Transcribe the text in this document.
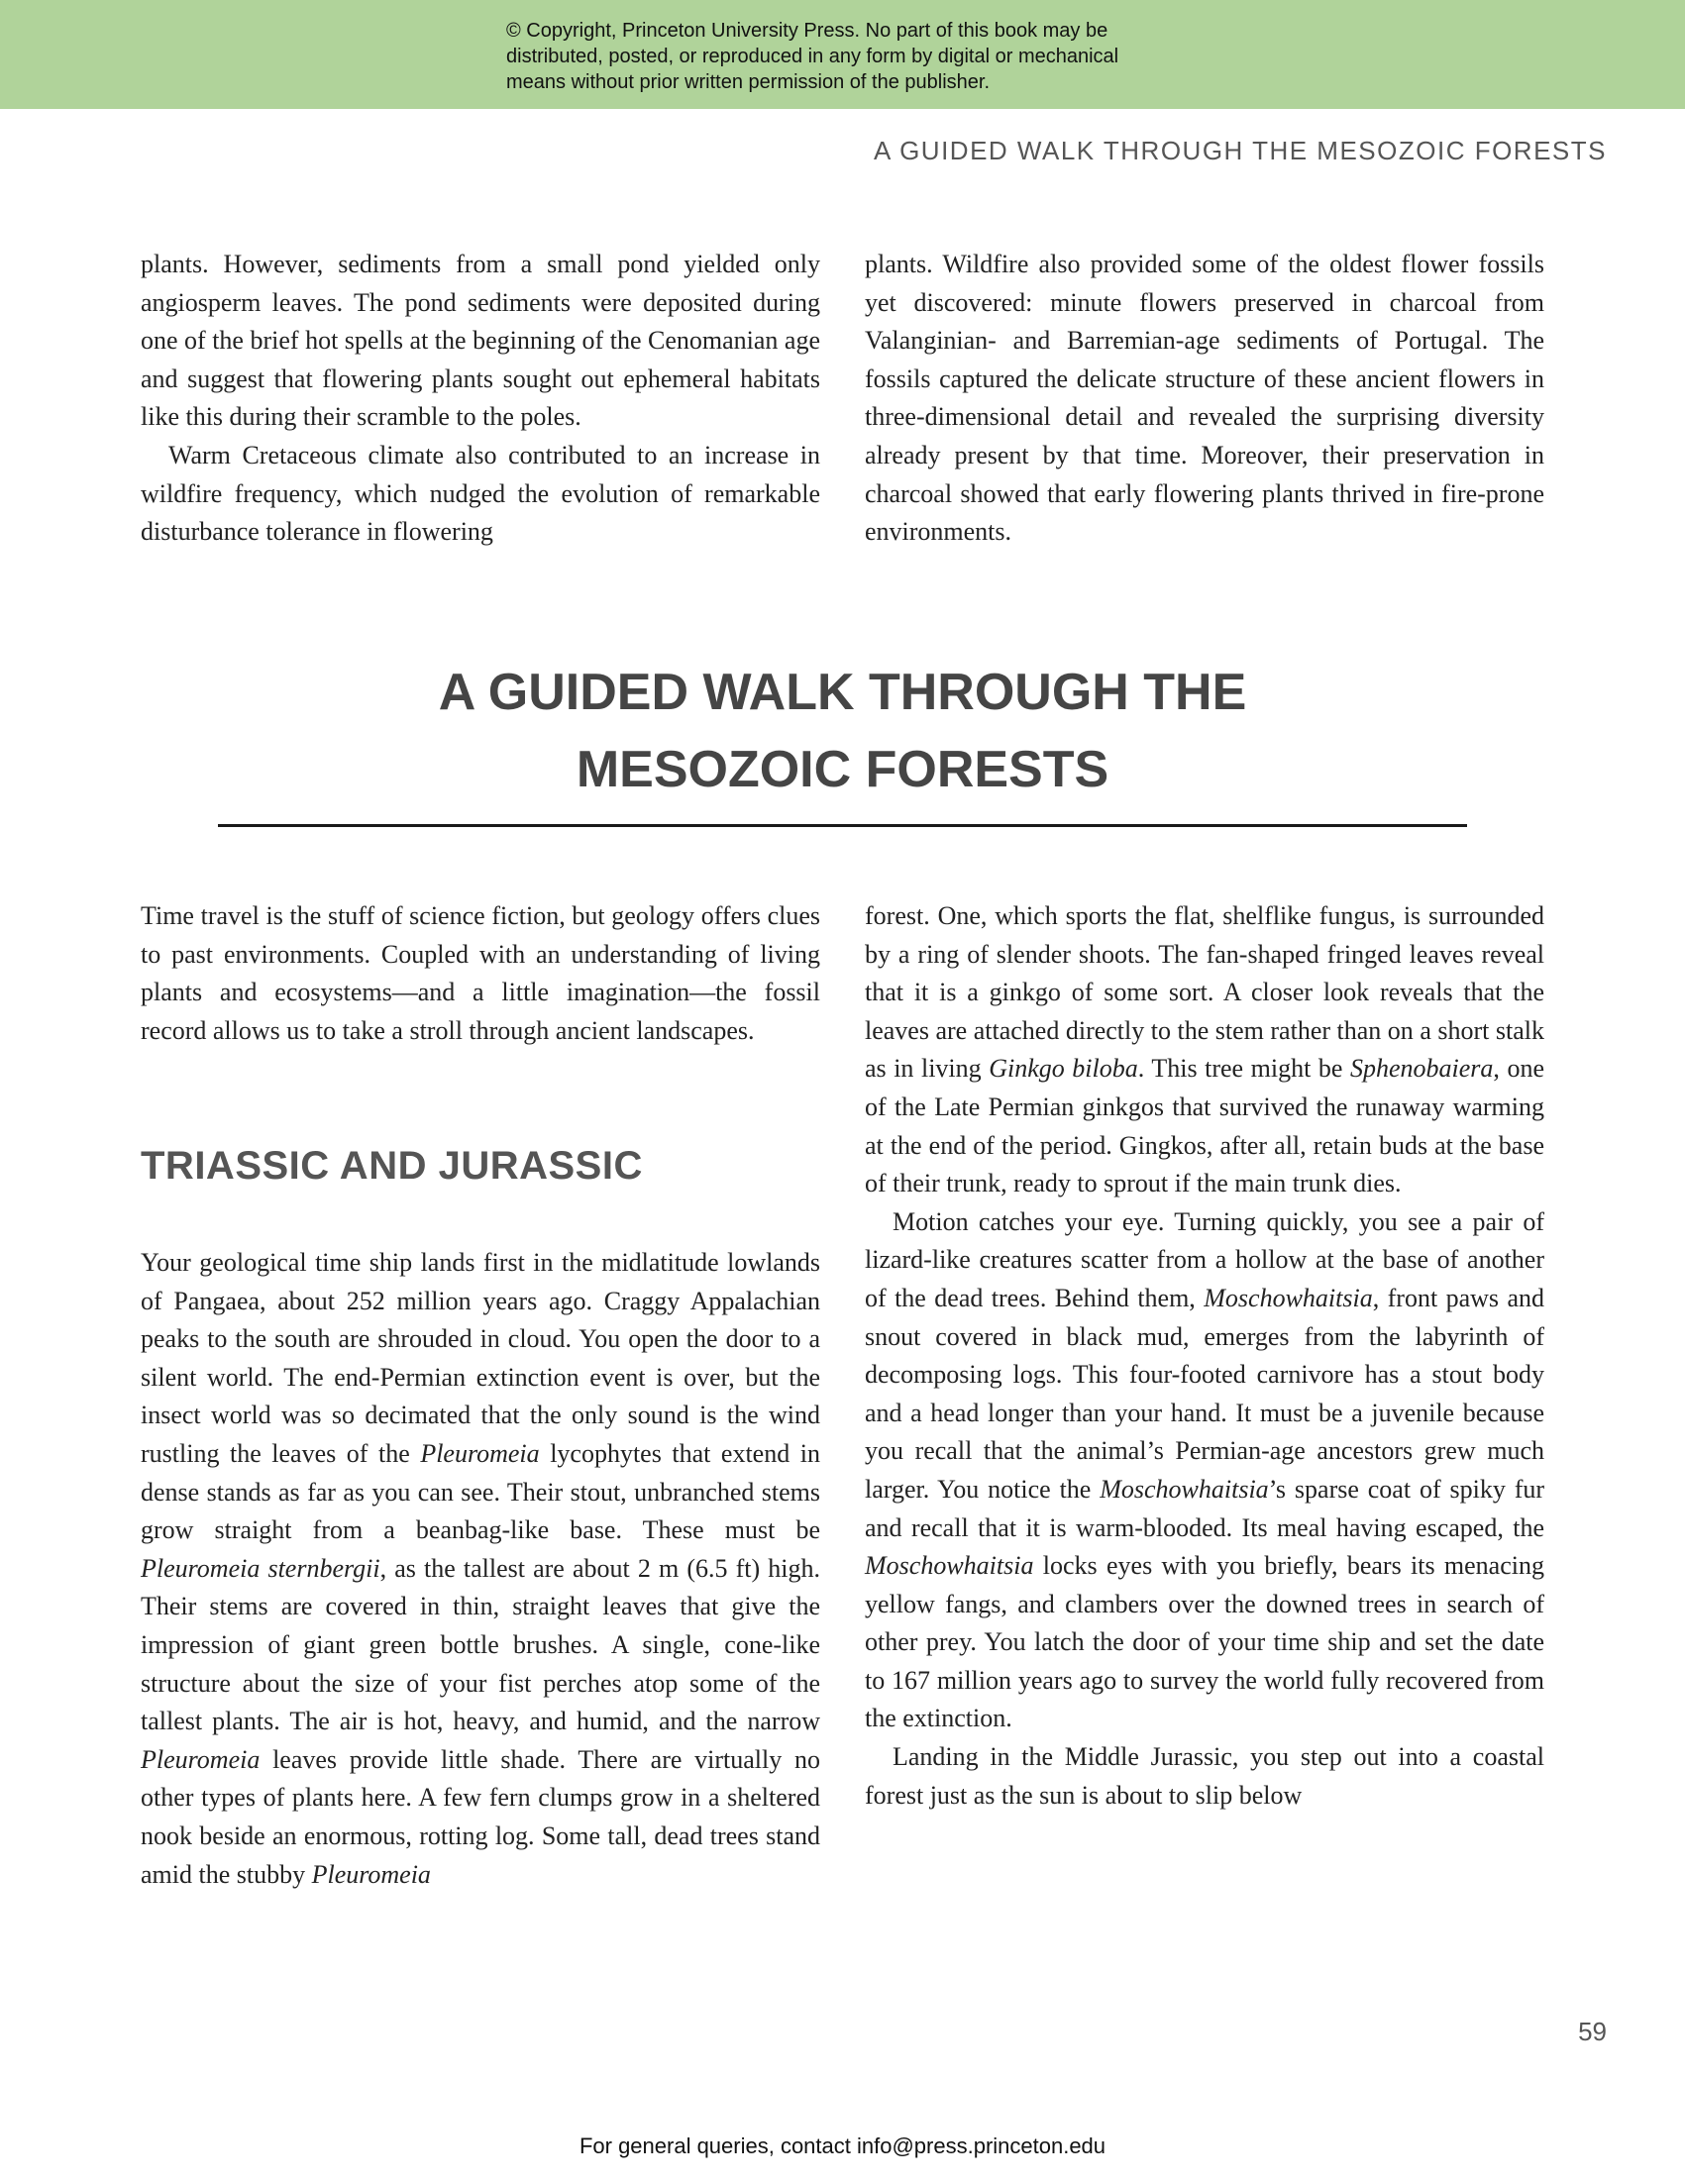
© Copyright, Princeton University Press. No part of this book may be
distributed, posted, or reproduced in any form by digital or mechanical
means without prior written permission of the publisher.
A GUIDED WALK THROUGH THE MESOZOIC FORESTS

plants. However, sediments from a small pond yielded only angiosperm leaves. The pond sediments were deposited during one of the brief hot spells at the beginning of the Cenomanian age and suggest that flowering plants sought out ephemeral habitats like this during their scramble to the poles.

Warm Cretaceous climate also contributed to an increase in wildfire frequency, which nudged the evolution of remarkable disturbance tolerance in flowering

plants. Wildfire also provided some of the oldest flower fossils yet discovered: minute flowers preserved in charcoal from Valanginian- and Barremian-age sediments of Portugal. The fossils captured the delicate structure of these ancient flowers in three-dimensional detail and revealed the surprising diversity already present by that time. Moreover, their preservation in charcoal showed that early flowering plants thrived in fire-prone environments.

A GUIDED WALK THROUGH THE
MESOZOIC FORESTS

Time travel is the stuff of science fiction, but geology offers clues to past environments. Coupled with an understanding of living plants and ecosystems—and a little imagination—the fossil record allows us to take a stroll through ancient landscapes.

TRIASSIC AND JURASSIC

Your geological time ship lands first in the midlatitude lowlands of Pangaea, about 252 million years ago. Craggy Appalachian peaks to the south are shrouded in cloud. You open the door to a silent world. The end-Permian extinction event is over, but the insect world was so decimated that the only sound is the wind rustling the leaves of the Pleuromeia lycophytes that extend in dense stands as far as you can see. Their stout, unbranched stems grow straight from a beanbag-like base. These must be Pleuromeia sternbergii, as the tallest are about 2 m (6.5 ft) high. Their stems are covered in thin, straight leaves that give the impression of giant green bottle brushes. A single, cone-like structure about the size of your fist perches atop some of the tallest plants. The air is hot, heavy, and humid, and the narrow Pleuromeia leaves provide little shade. There are virtually no other types of plants here. A few fern clumps grow in a sheltered nook beside an enormous, rotting log. Some tall, dead trees stand amid the stubby Pleuromeia

forest. One, which sports the flat, shelflike fungus, is surrounded by a ring of slender shoots. The fan-shaped fringed leaves reveal that it is a ginkgo of some sort. A closer look reveals that the leaves are attached directly to the stem rather than on a short stalk as in living Ginkgo biloba. This tree might be Sphenobaiera, one of the Late Permian ginkgos that survived the runaway warming at the end of the period. Gingkos, after all, retain buds at the base of their trunk, ready to sprout if the main trunk dies.

Motion catches your eye. Turning quickly, you see a pair of lizard-like creatures scatter from a hollow at the base of another of the dead trees. Behind them, Moschowhaitsia, front paws and snout covered in black mud, emerges from the labyrinth of decomposing logs. This four-footed carnivore has a stout body and a head longer than your hand. It must be a juvenile because you recall that the animal’s Permian-age ancestors grew much larger. You notice the Moschowhaitsia’s sparse coat of spiky fur and recall that it is warm-blooded. Its meal having escaped, the Moschowhaitsia locks eyes with you briefly, bears its menacing yellow fangs, and clambers over the downed trees in search of other prey. You latch the door of your time ship and set the date to 167 million years ago to survey the world fully recovered from the extinction.

Landing in the Middle Jurassic, you step out into a coastal forest just as the sun is about to slip below

59
For general queries, contact info@press.princeton.edu
